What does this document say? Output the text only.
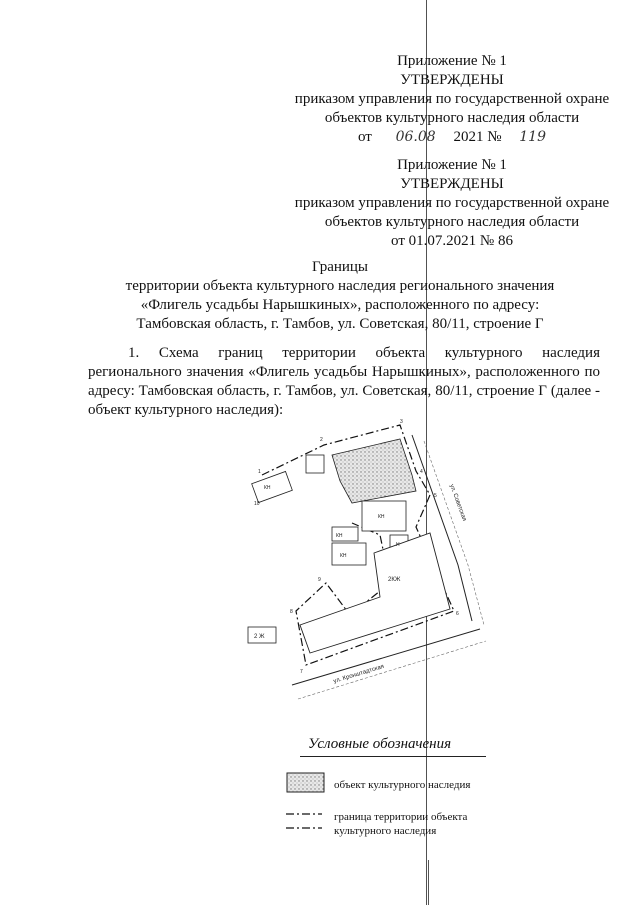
Приложение № 1
УТВЕРЖДЕНЫ
приказом управления по государственной охране
объектов культурного наследия области
от 06.08 2021 № 119
Приложение № 1
УТВЕРЖДЕНЫ
приказом управления по государственной охране
объектов культурного наследия области
от 01.07.2021 № 86
Границы
территории объекта культурного наследия регионального значения
«Флигель усадьбы Нарышкиных», расположенного по адресу:
Тамбовская область, г. Тамбов, ул. Советская, 80/11, строение Г
1. Схема границ территории объекта культурного наследия регионального значения «Флигель усадьбы Нарышкиных», расположенного по адресу: Тамбовская область, г. Тамбов, ул. Советская, 80/11, строение Г (далее - объект культурного наследия):
КН
КН
КН
КН
Н
2КЖ
2 Ж
ул. Советская
ул. Кронштадтская
1
2
3
4
5
6
7
8
9
10
Условные обозначения
объект культурного наследия
граница территории объекта
культурного наследия
